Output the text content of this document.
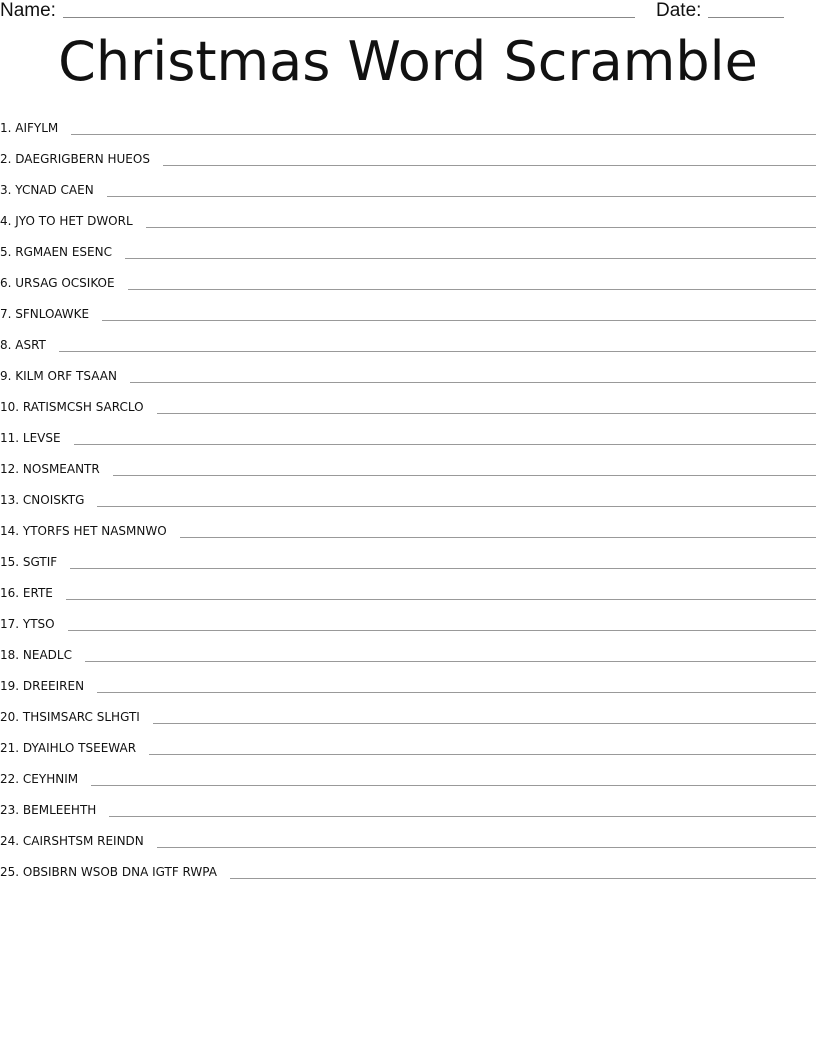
Name:	Date:
Christmas Word Scramble
1. AIFYLM
2. DAEGRIGBERN HUEOS
3. YCNAD CAEN
4. JYO TO HET DWORL
5. RGMAEN ESENC
6. URSAG OCSIKOE
7. SFNLOAWKE
8. ASRT
9. KILM ORF TSAAN
10. RATISMCSH SARCLO
11. LEVSE
12. NOSMEANTR
13. CNOISKTG
14. YTORFS HET NASMNWO
15. SGTIF
16. ERTE
17. YTSO
18. NEADLC
19. DREEIREN
20. THSIMSARC SLHGTI
21. DYAIHLO TSEEWAR
22. CEYHNIM
23. BEMLEEHTH
24. CAIRSHTSM REINDN
25. OBSIBRN WSOB DNA IGTF RWPA
